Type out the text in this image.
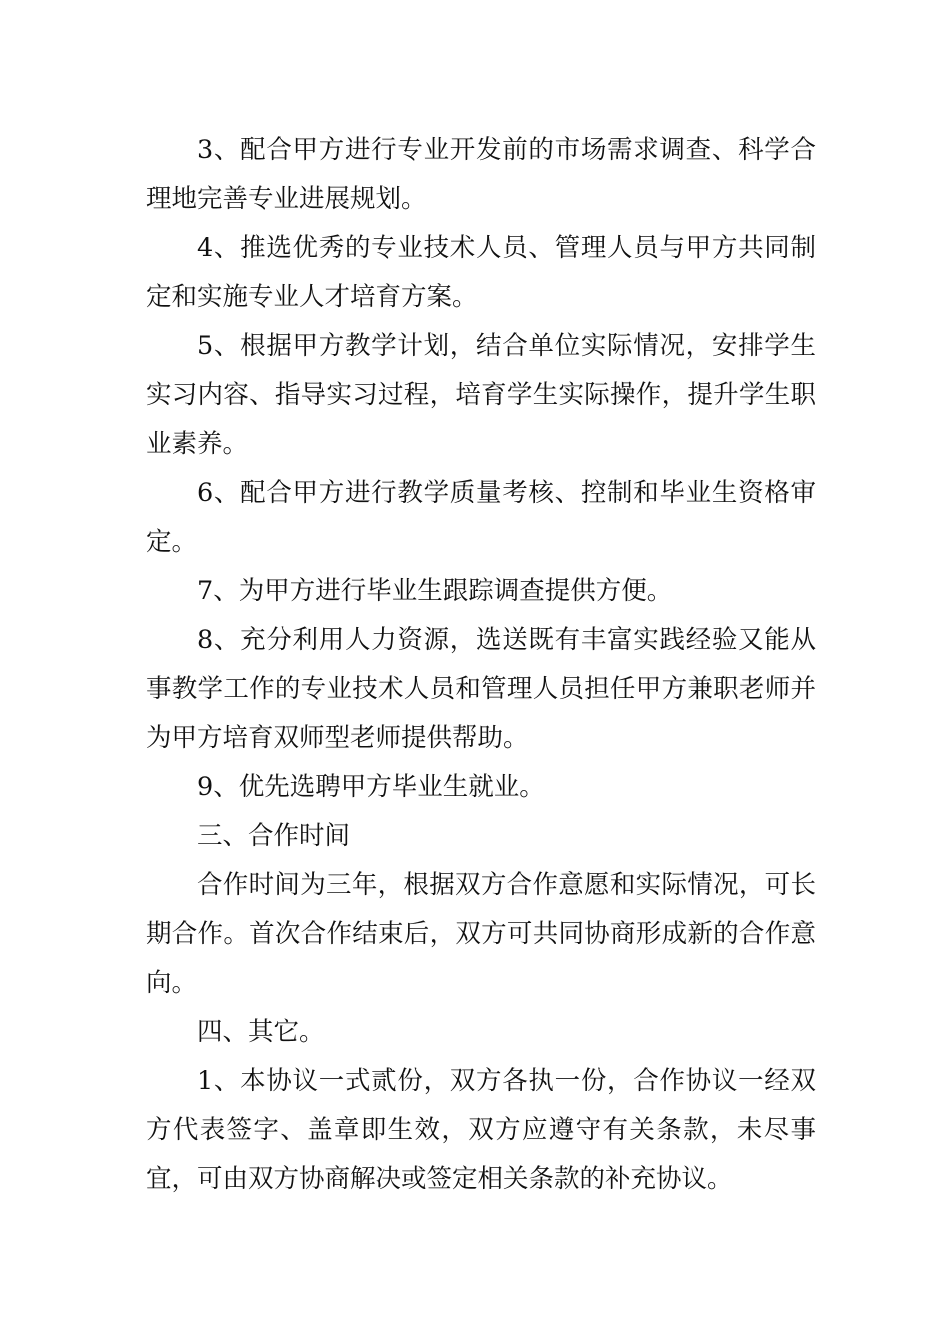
3、配合甲方进行专业开发前的市场需求调查、科学合理地完善专业进展规划。

4、推选优秀的专业技术人员、管理人员与甲方共同制定和实施专业人才培育方案。

5、根据甲方教学计划，结合单位实际情况，安排学生实习内容、指导实习过程，培育学生实际操作，提升学生职业素养。

6、配合甲方进行教学质量考核、控制和毕业生资格审定。

7、为甲方进行毕业生跟踪调查提供方便。

8、充分利用人力资源，选送既有丰富实践经验又能从事教学工作的专业技术人员和管理人员担任甲方兼职老师并为甲方培育双师型老师提供帮助。

9、优先选聘甲方毕业生就业。

三、合作时间

合作时间为三年，根据双方合作意愿和实际情况，可长期合作。首次合作结束后，双方可共同协商形成新的合作意向。

四、其它。

1、本协议一式贰份，双方各执一份，合作协议一经双方代表签字、盖章即生效，双方应遵守有关条款，未尽事宜，可由双方协商解决或签定相关条款的补充协议。
